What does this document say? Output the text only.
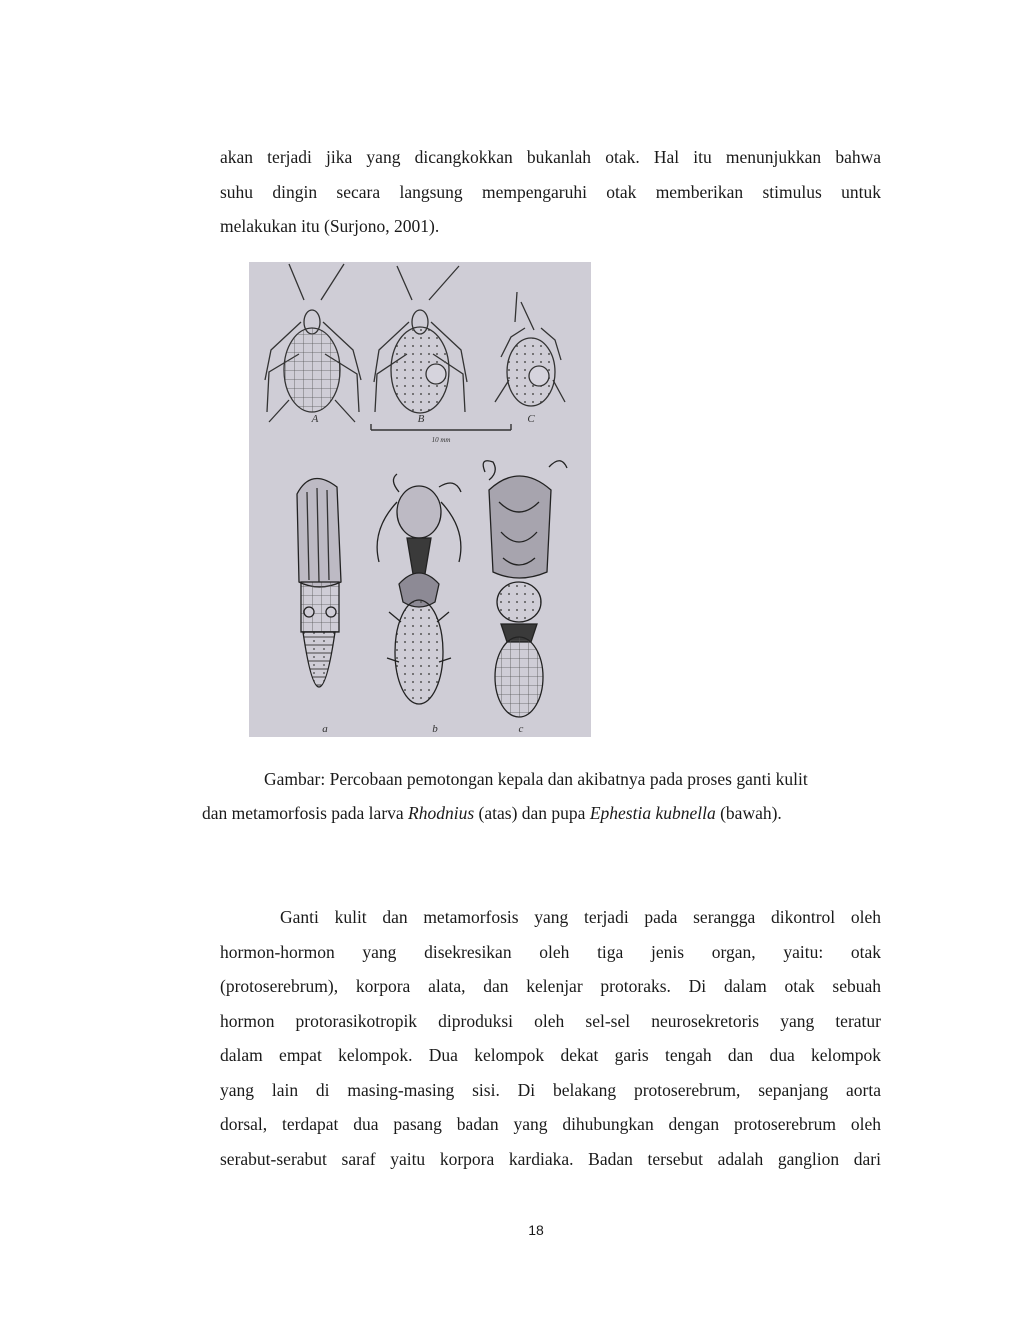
akan terjadi jika yang dicangkokkan bukanlah otak. Hal itu menunjukkan bahwa
suhu dingin secara langsung mempengaruhi otak memberikan stimulus untuk
melakukan itu (Surjono, 2001).
A	B	C
10 mm
a	b	c
Gambar: Percobaan pemotongan kepala dan akibatnya pada proses ganti kulit
dan metamorfosis pada larva Rhodnius (atas) dan pupa Ephestia kubnella (bawah).
Ganti kulit dan metamorfosis yang terjadi pada serangga dikontrol oleh
hormon-hormon yang disekresikan oleh tiga jenis organ, yaitu: otak
(protoserebrum), korpora alata, dan kelenjar protoraks. Di dalam otak sebuah
hormon protorasikotropik diproduksi oleh sel-sel neurosekretoris yang teratur
dalam empat kelompok. Dua kelompok dekat garis tengah dan dua kelompok
yang lain di masing-masing sisi. Di belakang protoserebrum, sepanjang aorta
dorsal, terdapat dua pasang badan yang dihubungkan dengan protoserebrum oleh
serabut-serabut saraf yaitu korpora kardiaka. Badan tersebut adalah ganglion dari
18
